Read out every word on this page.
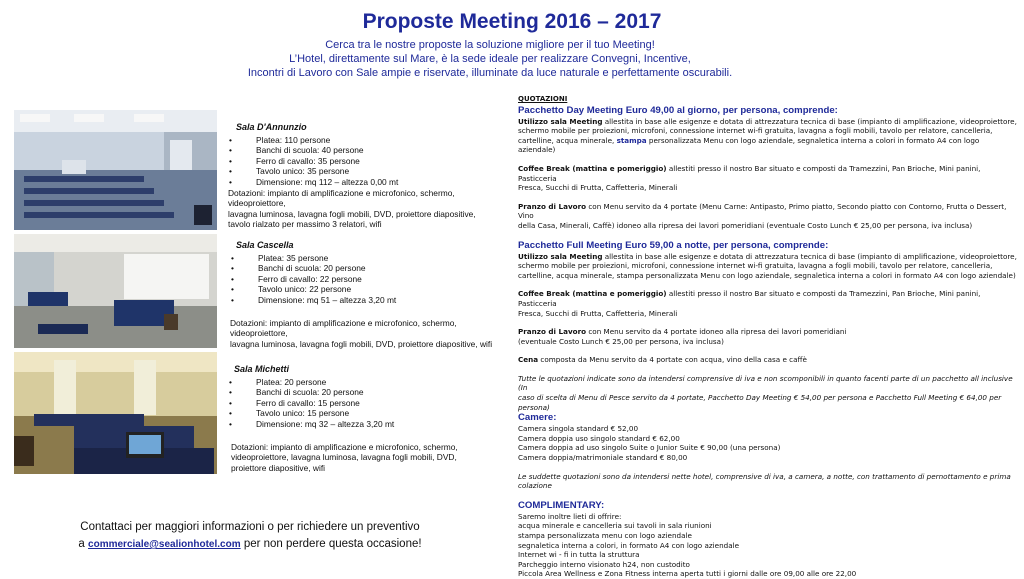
Proposte Meeting 2016 – 2017
Cerca tra le nostre proposte la soluzione migliore per il tuo Meeting!
L’Hotel, direttamente sul Mare, è la sede ideale per realizzare Convegni, Incentive,
Incontri di Lavoro con Sale ampie e riservate, illuminate da luce naturale e perfettamente oscurabili.
Sala D'Annunzio
• Platea: 110 persone
• Banchi di scuola: 40 persone
• Ferro di cavallo: 35 persone
• Tavolo unico: 35 persone
• Dimensione: mq 112 – altezza 0,00 mt
Dotazioni: impianto di amplificazione e microfonico, schermo, videoproiettore,
lavagna luminosa, lavagna fogli mobili, DVD, proiettore diapositive,
tavolo rialzato per massimo 3 relatori, wifi
Sala Cascella
• Platea: 35 persone
• Banchi di scuola: 20 persone
• Ferro di cavallo: 22 persone
• Tavolo unico: 22 persone
• Dimensione: mq 51 – altezza 3,20 mt
Dotazioni: impianto di amplificazione e microfonico, schermo, videoproiettore,
lavagna luminosa, lavagna fogli mobili, DVD, proiettore diapositive, wifi
Sala Michetti
• Platea: 20 persone
• Banchi di scuola: 20 persone
• Ferro di cavallo: 15 persone
• Tavolo unico: 15 persone
• Dimensione: mq 32 – altezza 3,20 mt
Dotazioni: impianto di amplificazione e microfonico, schermo,
videoproiettore, lavagna luminosa, lavagna fogli mobili, DVD,
proiettore diapositive, wifi
Contattaci per maggiori informazioni o per richiedere un preventivo
a commerciale@sealionhotel.com per non perdere questa occasione!
QUOTAZIONI
Pacchetto Day Meeting Euro 49,00 al giorno, per persona, comprende:

Utilizzo sala Meeting allestita in base alle esigenze e dotata di attrezzatura tecnica di base (impianto di amplificazione, videoproiettore,

schermo mobile per proiezioni, microfoni, connessione internet wi-fi gratuita, lavagna a fogli mobili, tavolo per relatore, cancelleria,

cartelline, acqua minerale, stampa personalizzata Menu con logo aziendale, segnaletica interna a colori in formato A4 con logo aziendale)

Coffee Break (mattina e pomeriggio) allestiti presso il nostro Bar situato e composti da Tramezzini, Pan Brioche, Mini panini, Pasticceria

Fresca, Succhi di Frutta, Caffetteria, Minerali

Pranzo di Lavoro con Menu servito da 4 portate (Menu Carne: Antipasto, Primo piatto, Secondo piatto con Contorno, Frutta o Dessert, Vino

della Casa, Minerali, Caffè) idoneo alla ripresa dei lavori pomeridiani (eventuale Costo Lunch € 25,00 per persona, iva inclusa)

Pacchetto Full Meeting Euro 59,00 a notte, per persona, comprende:

Utilizzo sala Meeting allestita in base alle esigenze e dotata di attrezzatura tecnica di base (impianto di amplificazione, videoproiettore,

schermo mobile per proiezioni, microfoni, connessione internet wi-fi gratuita, lavagna a fogli mobili, tavolo per relatore, cancelleria,

cartelline, acqua minerale, stampa personalizzata Menu con logo aziendale, segnaletica interna a colori in formato A4 con logo aziendale)

Coffee Break (mattina e pomeriggio) allestiti presso il nostro Bar situato e composti da Tramezzini, Pan Brioche, Mini panini, Pasticceria

Fresca, Succhi di Frutta, Caffetteria, Minerali

Pranzo di Lavoro con Menu servito da 4 portate idoneo alla ripresa dei lavori pomeridiani

(eventuale Costo Lunch € 25,00 per persona, iva inclusa)

Cena composta da Menu servito da 4 portate con acqua, vino della casa e caffè

Tutte le quotazioni indicate sono da intendersi comprensive di iva e non scomponibili in quanto facenti parte di un pacchetto all inclusive (In

caso di scelta di Menu di Pesce servito da 4 portate, Pacchetto Day Meeting € 54,00 per persona e Pacchetto Full Meeting € 64,00 per persona)

Camere:

Camera singola standard € 52,00

Camera doppia uso singolo standard € 62,00

Camera doppia ad uso singolo Suite o Junior Suite € 90,00 (una persona)

Camera doppia/matrimoniale standard € 80,00

Le suddette quotazioni sono da intendersi nette hotel, comprensive di iva, a camera, a notte, con trattamento di pernottamento e prima

colazione

COMPLIMENTARY:

Saremo inoltre lieti di offrire:

acqua minerale e cancelleria sui tavoli in sala riunioni

stampa personalizzata menu con logo aziendale

segnaletica interna a colori, in formato A4 con logo aziendale

Internet wi - fi in tutta la struttura

Parcheggio interno visionato h24, non custodito

Piccola Area Wellness e Zona Fitness interna aperta tutti i giorni dalle ore 09,00 alle ore 22,00
